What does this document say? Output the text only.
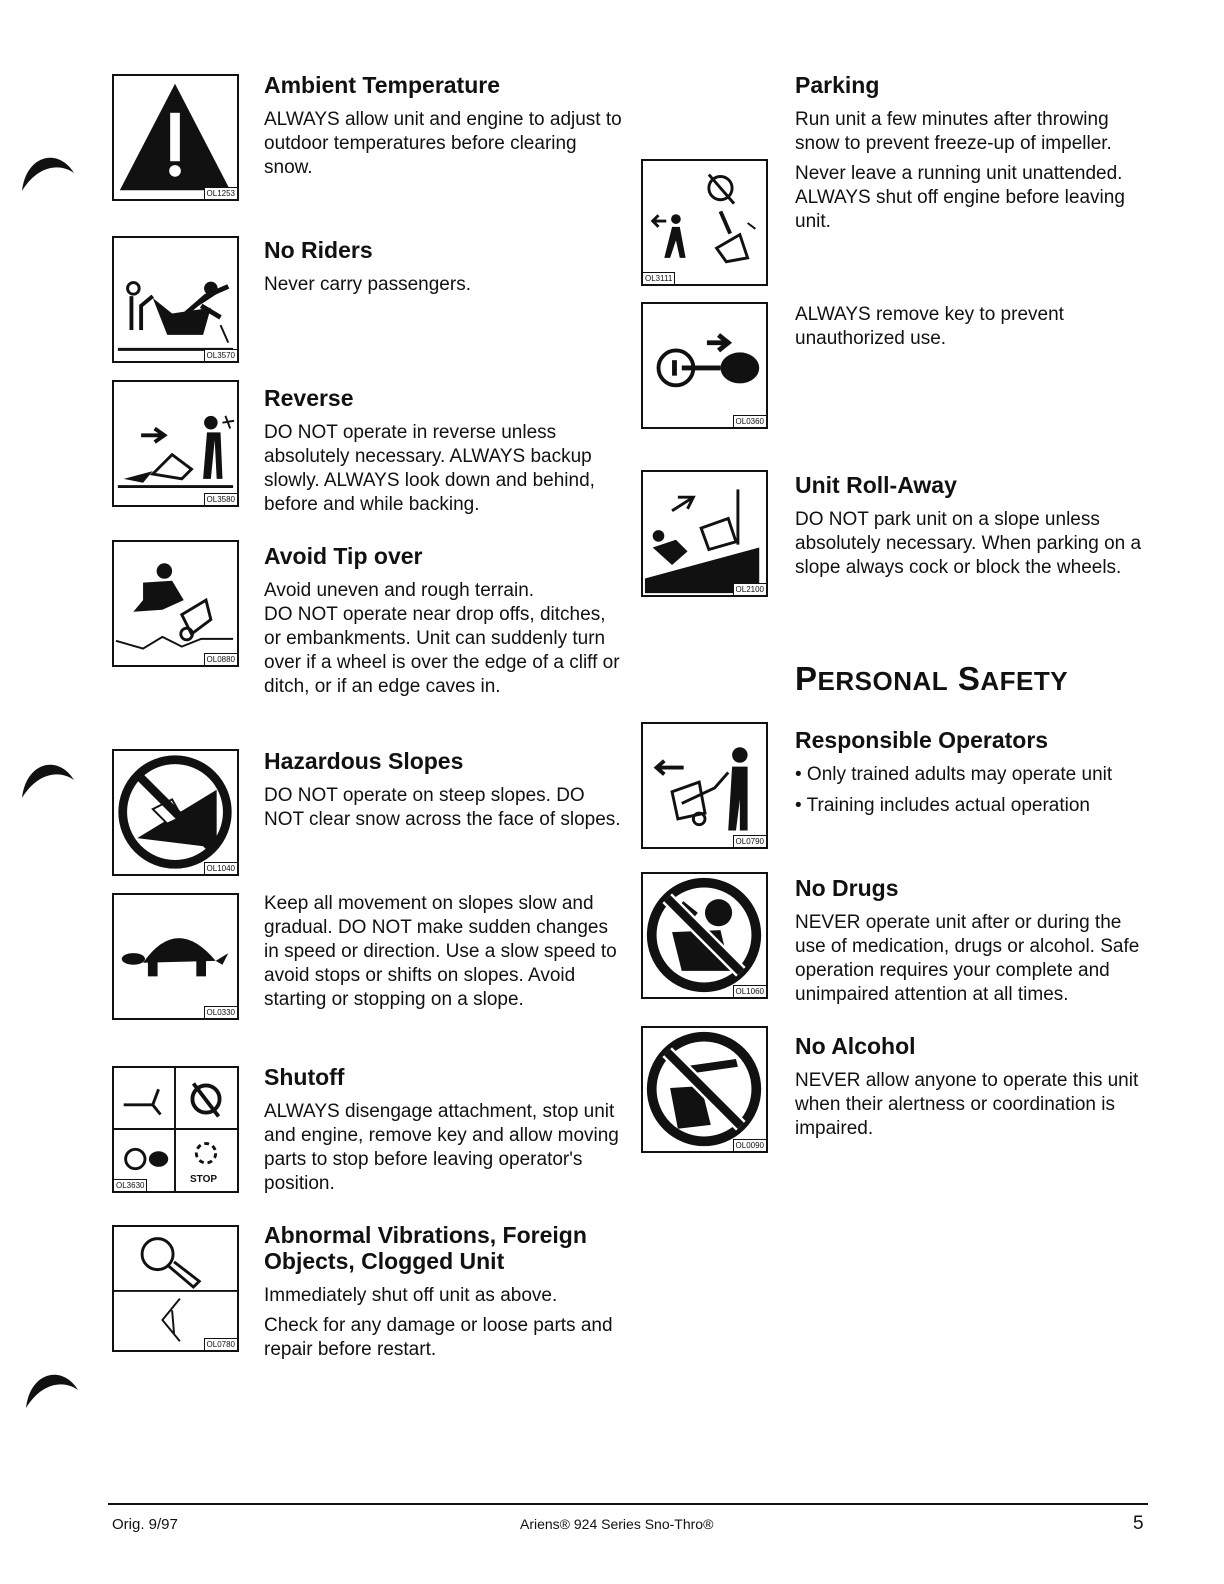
OL1253
OL3570
OL3580
OL0880
OL1040
OL0330
STOP
OL3630
OL0780
Ambient Temperature

ALWAYS allow unit and engine to adjust to outdoor temperatures before clearing snow.

No Riders

Never carry passengers.

Reverse

DO NOT operate in reverse unless absolutely necessary. ALWAYS backup slowly. ALWAYS look down and behind, before and while backing.

Avoid Tip over

Avoid uneven and rough terrain.
DO NOT operate near drop offs, ditches, or embankments. Unit can suddenly turn over if a wheel is over the edge of a cliff or ditch, or if an edge caves in.

Hazardous Slopes

DO NOT operate on steep slopes. DO NOT clear snow across the face of slopes.

Keep all movement on slopes slow and gradual. DO NOT make sudden changes in speed or direction. Use a slow speed to avoid stops or shifts on slopes. Avoid starting or stopping on a slope.

Shutoff

ALWAYS disengage attachment, stop unit and engine, remove key and allow moving parts to stop before leaving operator's position.

Abnormal Vibrations, Foreign Objects, Clogged Unit

Immediately shut off unit as above.

Check for any damage or loose parts and repair before restart.

OL3111
OL0360
OL2100
OL0790
OL1060
OL0090
Parking

Run unit a few minutes after throwing snow to prevent freeze-up of impeller.

Never leave a running unit unattended. ALWAYS shut off engine before leaving unit.

ALWAYS remove key to prevent unauthorized use.

Unit Roll-Away

DO NOT park unit on a slope unless absolutely necessary. When parking on a slope always cock or block the wheels.

PERSONAL SAFETY
Responsible Operators
• Only trained adults may operate unit
• Training includes actual operation
No Drugs

NEVER operate unit after or during the use of medication, drugs or alcohol. Safe operation requires your complete and unimpaired attention at all times.

No Alcohol

NEVER allow anyone to operate this unit when their alertness or coordination is impaired.

Orig. 9/97	Ariens® 924 Series Sno-Thro®	5
